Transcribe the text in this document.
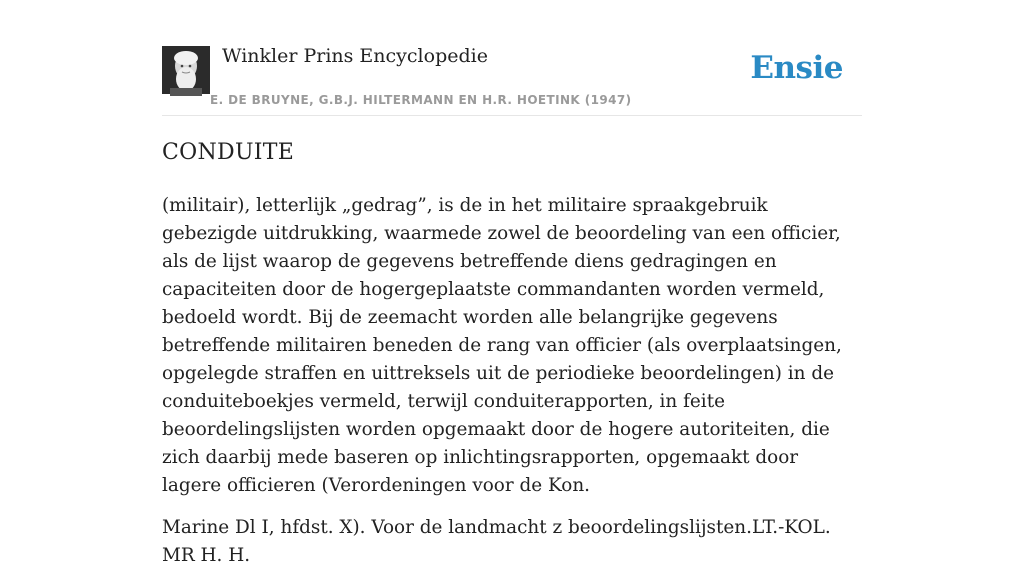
Winkler Prins Encyclopedie
E. DE BRUYNE, G.B.J. HILTERMANN EN H.R. HOETINK (1947)
Ensie
CONDUITE

(militair), letterlijk „gedrag”, is de in het militaire spraakgebruik gebezigde uitdrukking, waarmede zowel de beoordeling van een officier, als de lijst waarop de gegevens betreffende diens gedragingen en capaciteiten door de hogergeplaatste commandanten worden vermeld, bedoeld wordt. Bij de zeemacht worden alle belangrijke gegevens betreffende militairen beneden de rang van officier (als overplaatsingen, opgelegde straffen en uittreksels uit de periodieke beoordelingen) in de conduiteboekjes vermeld, terwijl conduiterapporten, in feite beoordelingslijsten worden opgemaakt door de hogere autoriteiten, die zich daarbij mede baseren op inlichtingsrapporten, opgemaakt door lagere officieren (Verordeningen voor de Kon.

Marine Dl I, hfdst. X). Voor de landmacht z beoordelingslijsten.LT.-KOL. MR H. H.
